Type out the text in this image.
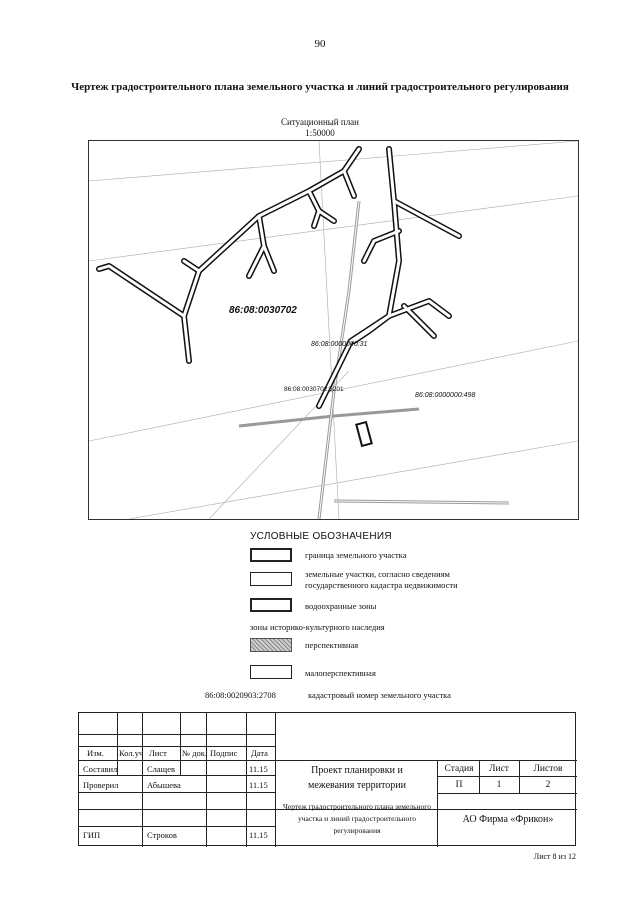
90
Чертеж градостроительного плана земельного участка и линий градостроительного регулирования
Ситуационный план
1:50000
86:08:0030702
86:08:0000000:31
86:08:0030702:5201
86:08:0000000:498
УСЛОВНЫЕ ОБОЗНАЧЕНИЯ
граница земельного участка
земельные участки, согласно сведениям государственного кадастра недвижимости
водоохранные зоны
зоны историко-культурного наследия
перспективная
малоперспективная
86:08:0020903:2708	кадастровый номер земельного участка
Изм. Кол.уч Лист № док. Подпис Дата
Составил	Слащев	11.15
Проверил	Абышева	11.15
ГИП	Строков	11.15
Проект планировки и межевания территории
Стадия	Лист	Листов
П	1	2
Чертеж градостроительного плана земельного участка и линий градостроительного регулирования
АО Фирма «Фрикон»
Лист 8 из 12
